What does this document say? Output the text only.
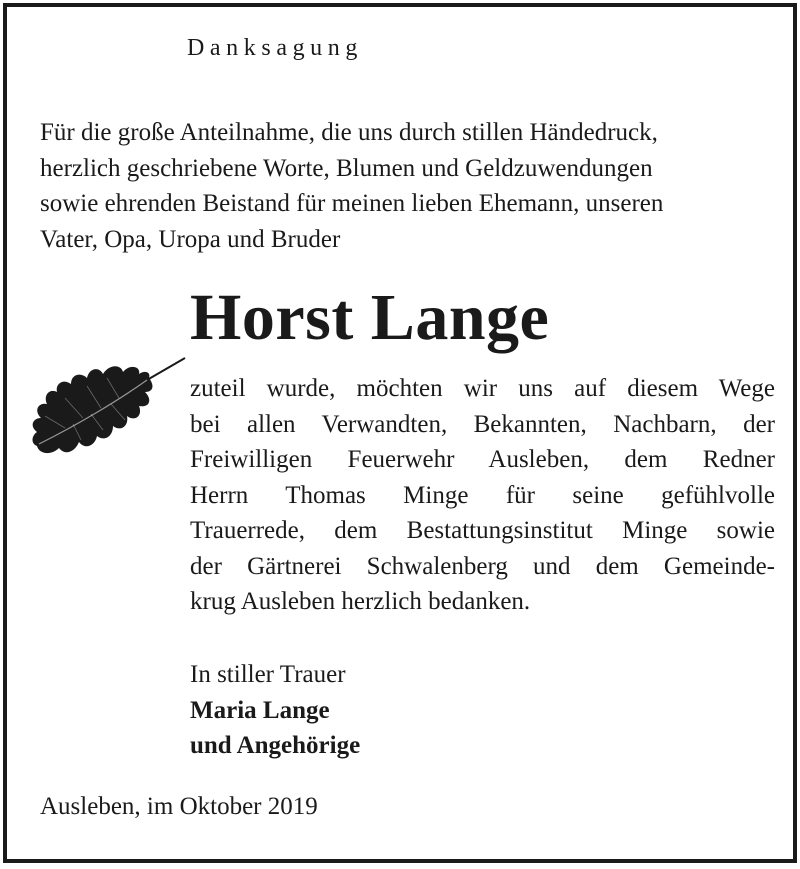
Danksagung

Für die große Anteilnahme, die uns durch stillen Händedruck,
herzlich geschriebene Worte, Blumen und Geldzuwendungen
sowie ehrenden Beistand für meinen lieben Ehemann, unseren
Vater, Opa, Uropa und Bruder

Horst Lange

zuteil wurde, möchten wir uns auf diesem Wege
bei allen Verwandten, Bekannten, Nachbarn, der
Freiwilligen Feuerwehr Ausleben, dem Redner
Herrn Thomas Minge für seine gefühlvolle
Trauerrede, dem Bestattungsinstitut Minge sowie
der Gärtnerei Schwalenberg und dem Gemeinde-
krug Ausleben herzlich bedanken.

In stiller Trauer
Maria Lange
und Angehörige
Ausleben, im Oktober 2019
